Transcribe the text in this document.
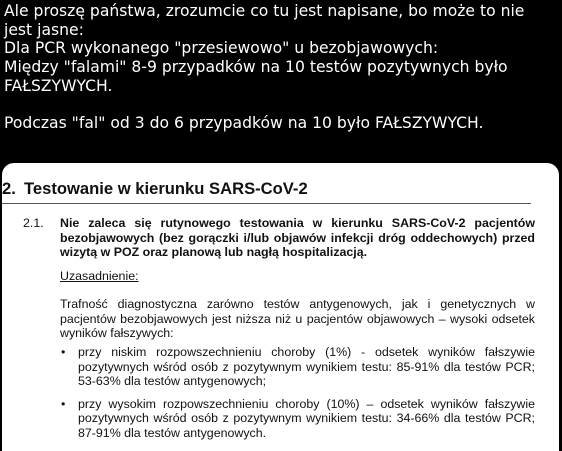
Ale proszę państwa, zrozumcie co tu jest napisane, bo może to nie jest jasne:

Dla PCR wykonanego "przesiewowo" u bezobjawowych:

Między "falami" 8-9 przypadków na 10 testów pozytywnych było FAŁSZYWYCH.

Podczas "fal" od 3 do 6 przypadków na 10 było FAŁSZYWYCH.

2. Testowanie w kierunku SARS-CoV-2
2.1. Nie zaleca się rutynowego testowania w kierunku SARS-CoV-2 pacjentów bezobjawowych (bez gorączki i/lub objawów infekcji dróg oddechowych) przed wizytą w POZ oraz planową lub nagłą hospitalizacją.
Uzasadnienie:
Trafność diagnostyczna zarówno testów antygenowych, jak i genetycznych w pacjentów bezobjawowych jest niższa niż u pacjentów objawowych – wysoki odsetek wyników fałszywych:
• przy niskim rozpowszechnieniu choroby (1%) - odsetek wyników fałszywie pozytywnych wśród osób z pozytywnym wynikiem testu: 85-91% dla testów PCR; 53-63% dla testów antygenowych;
• przy wysokim rozpowszechnieniu choroby (10%) – odsetek wyników fałszywie pozytywnych wśród osób z pozytywnym wynikiem testu: 34-66% dla testów PCR; 87-91% dla testów antygenowych.
